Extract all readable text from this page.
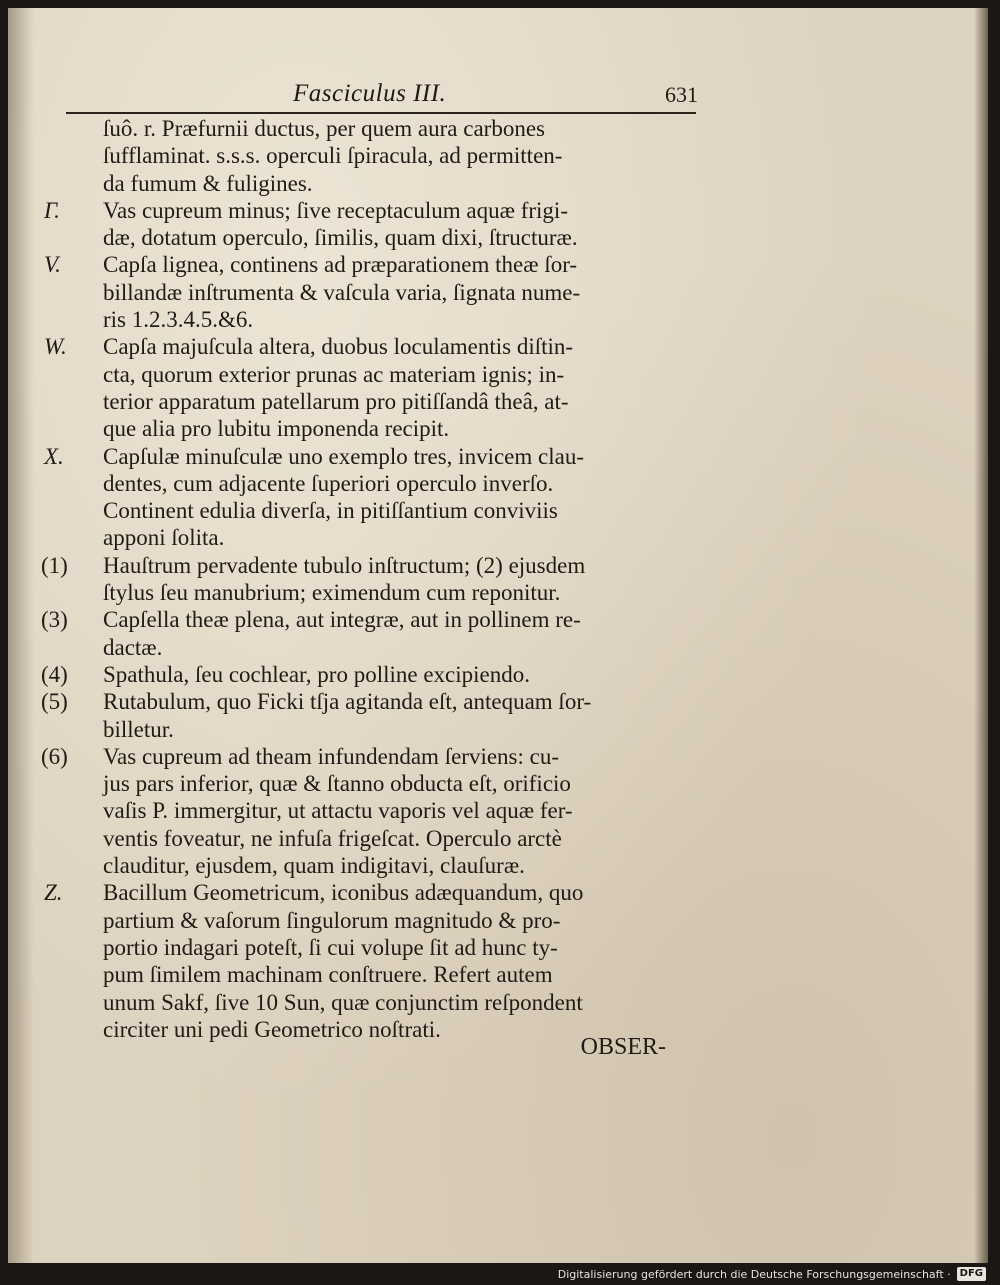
Fasciculus III.	631
ſuô. r. Præfurnii ductus, per quem aura carbones
ſufflaminat. s.s.s. operculi ſpiracula, ad permitten-
da fumum & fuligines.
Γ. Vas cupreum minus; ſive receptaculum aquæ frigi-
dæ, dotatum operculo, ſimilis, quam dixi, ſtructuræ.
V. Capſa lignea, continens ad præparationem theæ ſor-
billandæ inſtrumenta & vaſcula varia, ſignata nume-
ris 1.2.3.4.5.&6.
W. Capſa majuſcula altera, duobus loculamentis diſtin-
cta, quorum exterior prunas ac materiam ignis; in-
terior apparatum patellarum pro pitiſſandâ theâ, at-
que alia pro lubitu imponenda recipit.
X. Capſulæ minuſculæ uno exemplo tres, invicem clau-
dentes, cum adjacente ſuperiori operculo inverſo.
Continent edulia diverſa, in pitiſſantium conviviis
apponi ſolita.
(1) Hauſtrum pervadente tubulo inſtructum; (2) ejusdem
ſtylus ſeu manubrium; eximendum cum reponitur.
(3) Capſella theæ plena, aut integræ, aut in pollinem re-
dactæ.
(4) Spathula, ſeu cochlear, pro polline excipiendo.
(5) Rutabulum, quo Ficki tſja agitanda eſt, antequam ſor-
billetur.
(6) Vas cupreum ad theam infundendam ſerviens: cu-
jus pars inferior, quæ & ſtanno obducta eſt, orificio
vaſis P. immergitur, ut attactu vaporis vel aquæ fer-
ventis foveatur, ne infuſa frigeſcat. Operculo arctè
clauditur, ejusdem, quam indigitavi, clauſuræ.
Z. Bacillum Geometricum, iconibus adæquandum, quo
partium & vaſorum ſingulorum magnitudo & pro-
portio indagari poteſt, ſi cui volupe ſit ad hunc ty-
pum ſimilem machinam conſtruere. Refert autem
unum Sakf, ſive 10 Sun, quæ conjunctim reſpondent
circiter uni pedi Geometrico noſtrati.
OBSER-
Digitalisierung gefördert durch die Deutsche Forschungsgemeinschaft · DFG
